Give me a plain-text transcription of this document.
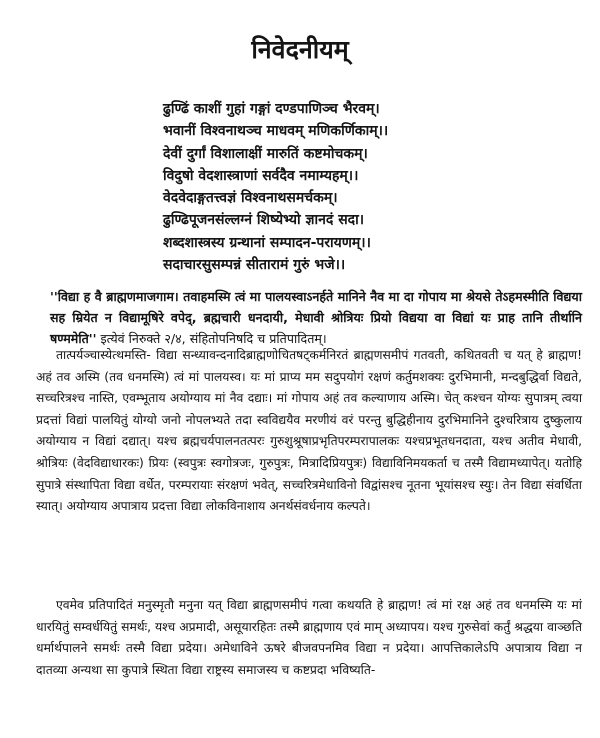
निवेदनीयम्
ढुण्ढिं काशीं गुहां गङ्गां दण्डपाणिञ्च भैरवम्।
भवानीं विश्वनाथञ्च माधवम् मणिकर्णिकाम्।।
देवीं दुर्गां विशालाक्षीं मारुतिं कष्टमोचकम्।
विदुषो वेदशास्त्राणां सर्वदैव नमाम्यहम्।।
वेदवेदाङ्गतत्त्वज्ञं विश्वनाथसमर्चकम्।
ढुण्ढिपूजनसंल्लग्नं शिष्येभ्यो ज्ञानदं सदा।
शब्दशास्त्रस्य ग्रन्थानां सम्पादन-परायणम्।।
सदाचारसुसम्पन्नं सीतारामं गुरुं भजे।।
''विद्या ह वै ब्राह्मणमाजगाम। तवाहमस्मि त्वं मा पालयस्वाऽनर्हते मानिने नैव मा दा गोपाय मा श्रेयसे तेऽहमस्मीति विद्यया सह म्रियेत न विद्यामूषिरे वपेद्, ब्रह्मचारी धनदायी, मेधावी श्रोत्रियः प्रियो विद्यया वा विद्यां यः प्राह तानि तीर्थानि षण्ममेति'' इत्येवं निरुक्ते २/४, संहितोपनिषदि च प्रतिपादितम्।
तात्पर्यञ्चास्येत्थमस्ति- विद्या सन्ध्यावन्दनादिब्राह्मणोचितषट्कर्मनिरतं ब्राह्मणसमीपं गतवती, कथितवती च यत् हे ब्राह्मण! अहं तव अस्मि (तव धनमस्मि) त्वं मां पालयस्व। यः मां प्राप्य मम सदुपयोगं रक्षणं कर्तुमशक्यः दुरभिमानी, मन्दबुद्धिर्वा विद्यते, सच्चरित्रश्च नास्ति, एवम्भूताय अयोग्याय मां नैव दद्याः। मां गोपाय अहं तव कल्याणाय अस्मि। चेत् कश्चन योग्यः सुपात्रम् त्वया प्रदत्तां विद्यां पालयितुं योग्यो जनो नोपलभ्यते तदा स्वविद्ययैव मरणीयं वरं परन्तु बुद्धिहीनाय दुरभिमानिने दुश्चरित्राय दुष्कुलाय अयोग्याय न विद्यां दद्यात्। यश्च ब्रह्मचर्यपालनतत्परः गुरुशुश्रूषाप्रभृतिपरम्परापालकः यश्चप्रभूतधनदाता, यश्च अतीव मेधावी, श्रोत्रियः (वेदविद्याधारकः) प्रियः (स्वपुत्रः स्वगोत्रजः, गुरुपुत्रः, मित्रादिप्रियपुत्रः) विद्याविनिमयकर्ता च तस्मै विद्यामध्यापेत्। यतोहि सुपात्रे संस्थापिता विद्या वर्धेत, परम्परायाः संरक्षणं भवेत्, सच्चरित्रमेधाविनो विद्वांसश्च नूतना भूयांसश्च स्युः। तेन विद्या संवर्धिता स्यात्। अयोग्याय अपात्राय प्रदत्ता विद्या लोकविनाशाय अनर्थसंवर्धनाय कल्पते।
एवमेव प्रतिपादितं मनुस्मृतौ मनुना यत् विद्या ब्राह्मणसमीपं गत्वा कथयति हे ब्राह्मण! त्वं मां रक्ष अहं तव धनमस्मि यः मां धारयितुं सम्वर्धयितुं समर्थः, यश्च अप्रमादी, असूयारहितः तस्मै ब्राह्मणाय एवं माम् अध्यापय। यश्च गुरुसेवां कर्तुं श्रद्धया वाञ्छति धर्मार्थपालने समर्थः तस्मै विद्या प्रदेया। अमेधाविने ऊषरे बीजवपनमिव विद्या न प्रदेया। आपत्तिकालेऽपि अपात्राय विद्या न दातव्या अन्यथा सा कुपात्रे स्थिता विद्या राष्ट्रस्य समाजस्य च कष्टप्रदा भविष्यति-
